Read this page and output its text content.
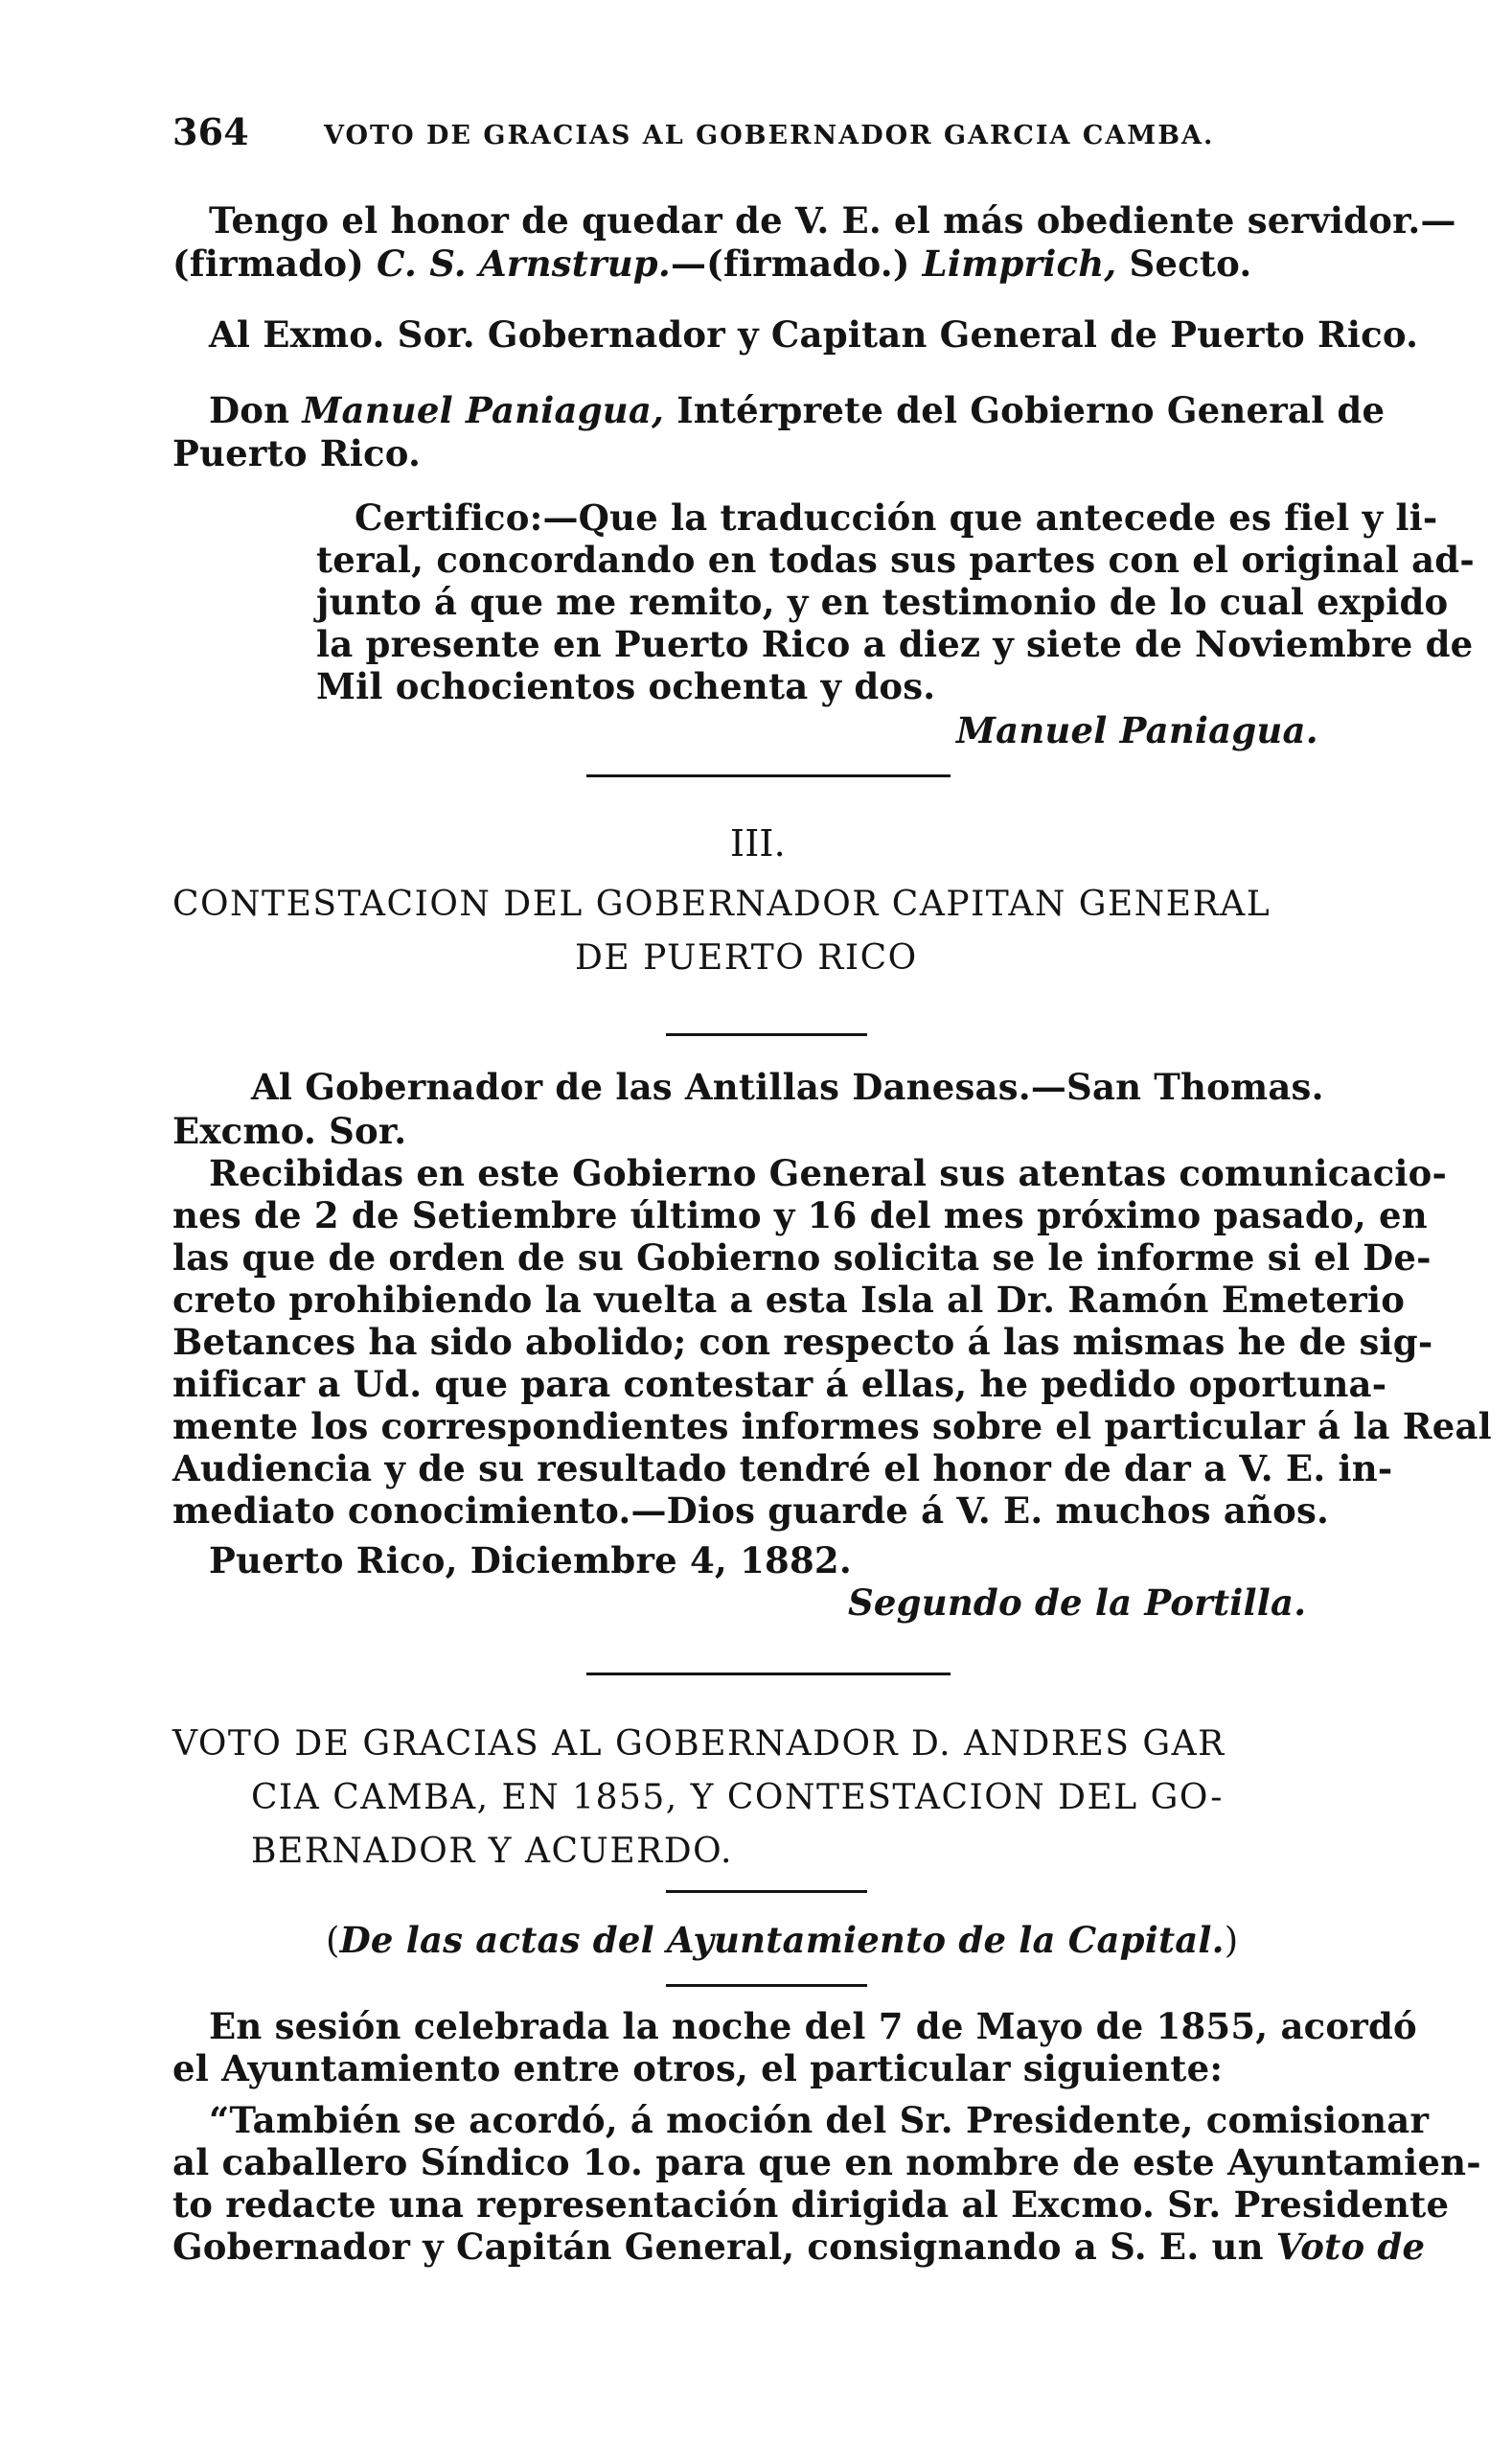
364	VOTO DE GRACIAS AL GOBERNADOR GARCIA CAMBA.
Tengo el honor de quedar de V. E. el más obediente servidor.—
(firmado) C. S. Arnstrup.—(firmado.) Limprich, Secto.
Al Exmo. Sor. Gobernador y Capitan General de Puerto Rico.
Don Manuel Paniagua, Intérprete del Gobierno General de
Puerto Rico.
Certifico:—Que la traducción que antecede es fiel y li-
teral, concordando en todas sus partes con el original ad-
junto á que me remito, y en testimonio de lo cual expido
la presente en Puerto Rico a diez y siete de Noviembre de
Mil ochocientos ochenta y dos.
Manuel Paniagua.
III.
CONTESTACION DEL GOBERNADOR CAPITAN GENERAL
DE PUERTO RICO
Al Gobernador de las Antillas Danesas.—San Thomas.
Excmo. Sor.
Recibidas en este Gobierno General sus atentas comunicacio-
nes de 2 de Setiembre último y 16 del mes próximo pasado, en
las que de orden de su Gobierno solicita se le informe si el De-
creto prohibiendo la vuelta a esta Isla al Dr. Ramón Emeterio
Betances ha sido abolido; con respecto á las mismas he de sig-
nificar a Ud. que para contestar á ellas, he pedido oportuna-
mente los correspondientes informes sobre el particular á la Real
Audiencia y de su resultado tendré el honor de dar a V. E. in-
mediato conocimiento.—Dios guarde á V. E. muchos años.
Puerto Rico, Diciembre 4, 1882.
Segundo de la Portilla.
VOTO DE GRACIAS AL GOBERNADOR D. ANDRES GAR
CIA CAMBA, EN 1855, Y CONTESTACION DEL GO-
BERNADOR Y ACUERDO.
(De las actas del Ayuntamiento de la Capital.)
En sesión celebrada la noche del 7 de Mayo de 1855, acordó
el Ayuntamiento entre otros, el particular siguiente:
“También se acordó, á moción del Sr. Presidente, comisionar
al caballero Síndico 1o. para que en nombre de este Ayuntamien-
to redacte una representación dirigida al Excmo. Sr. Presidente
Gobernador y Capitán General, consignando a S. E. un Voto de
